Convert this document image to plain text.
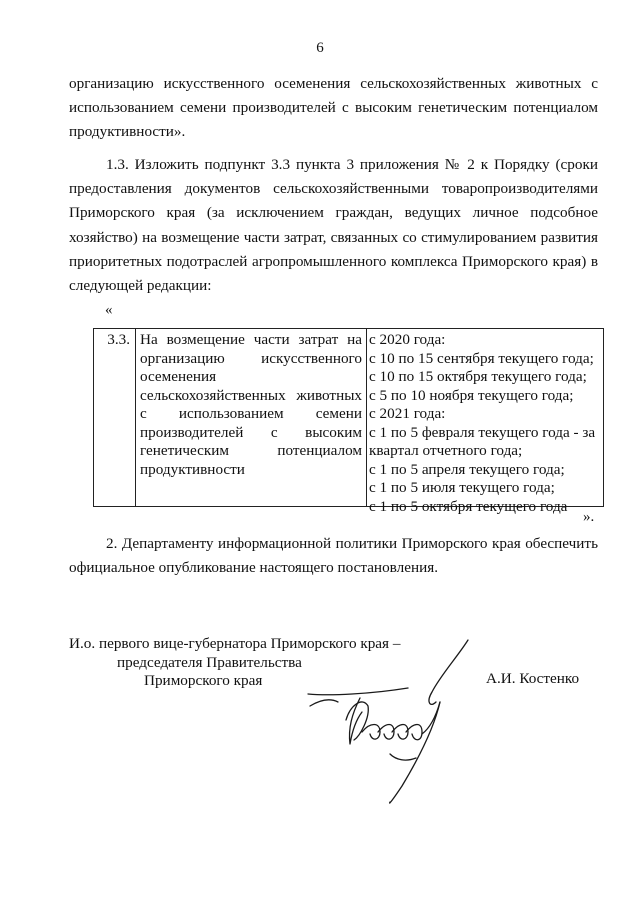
6
организацию искусственного осеменения сельскохозяйственных животных с использованием семени производителей с высоким генетическим потенциалом продуктивности».
1.3. Изложить подпункт 3.3 пункта 3 приложения № 2 к Порядку (сроки предоставления документов сельскохозяйственными товаропроизводителями Приморского края (за исключением граждан, ведущих личное подсобное хозяйство) на возмещение части затрат, связанных со стимулированием развития приоритетных подотраслей агропромышленного комплекса Приморского края) в следующей редакции:
«
3.3. На возмещение части затрат на организацию искусственного осеменения сельскохозяйственных животных с использованием семени производителей с высоким генетическим потенциалом продуктивности
с 2020 года:
с 10 по 15 сентября текущего года;
с 10 по 15 октября текущего года;
с 5 по 10 ноября текущего года;
с 2021 года:
с 1 по 5 февраля текущего года - за
квартал отчетного года;
с 1 по 5 апреля текущего года;
с 1 по 5 июля текущего года;
с 1 по 5 октября текущего года
».
2. Департаменту информационной политики Приморского края обеспечить официальное опубликование настоящего постановления.
И.о. первого вице-губернатора Приморского края –
председателя Правительства
Приморского края	А.И. Костенко
